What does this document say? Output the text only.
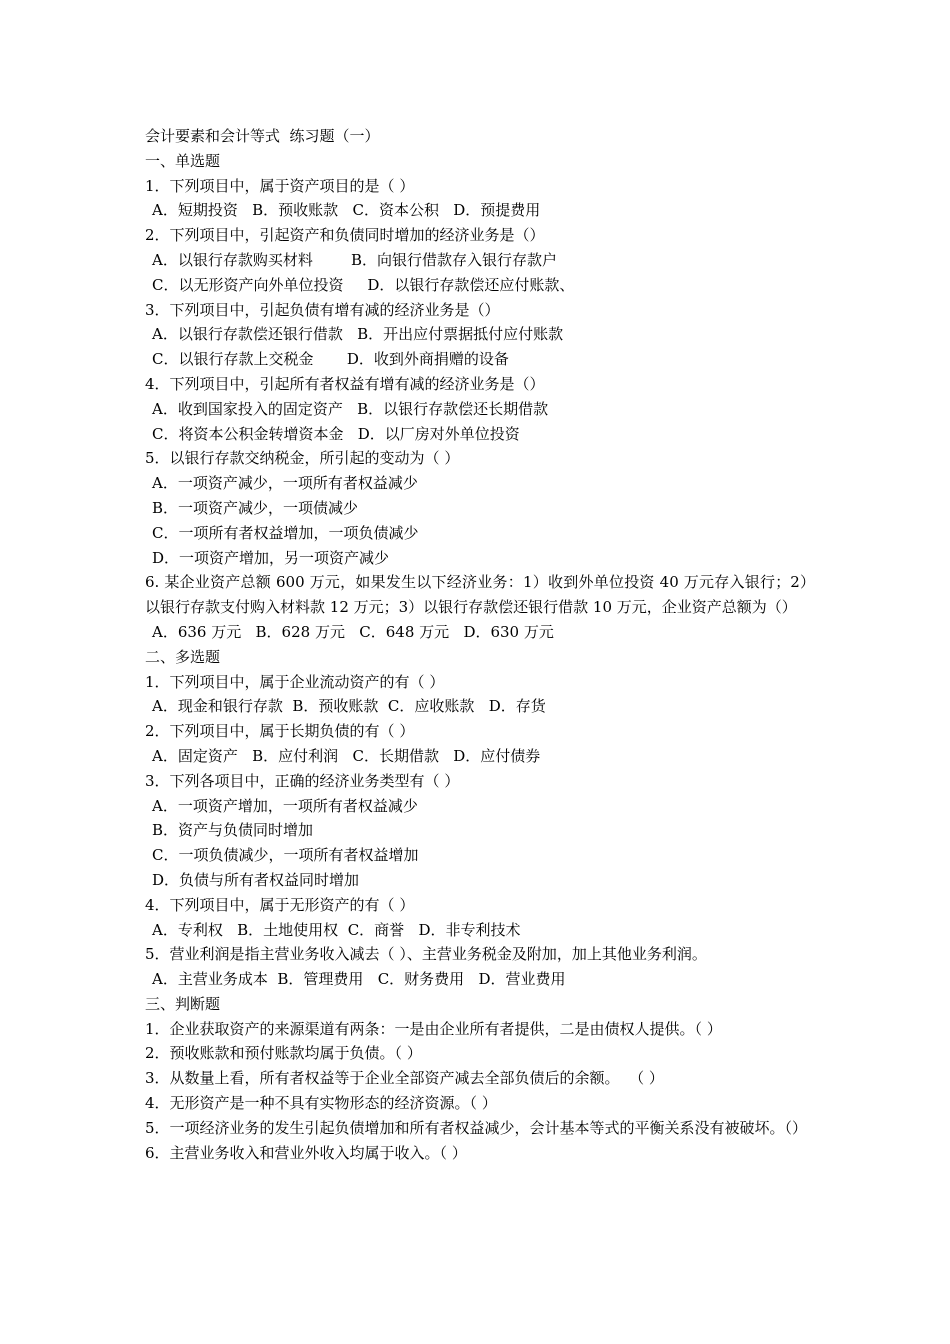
会计要素和会计等式  练习题（一）

一、单选题

1．下列项目中，属于资产项目的是（ ）

A．短期投资   B．预收账款   C．资本公积   D．预提费用

2．下列项目中，引起资产和负债同时增加的经济业务是（）

A．以银行存款购买材料        B．向银行借款存入银行存款户

C．以无形资产向外单位投资     D．以银行存款偿还应付账款、

3．下列项目中，引起负债有增有减的经济业务是（）

A．以银行存款偿还银行借款   B．开出应付票据抵付应付账款

C．以银行存款上交税金       D．收到外商捐赠的设备

4．下列项目中，引起所有者权益有增有减的经济业务是（）

A．收到国家投入的固定资产   B．以银行存款偿还长期借款

C．将资本公积金转增资本金   D．以厂房对外单位投资

5．以银行存款交纳税金，所引起的变动为（ ）

A．一项资产减少，一项所有者权益减少

B．一项资产减少，一项债减少

C．一项所有者权益增加，一项负债减少

D．一项资产增加，另一项资产减少

6. 某企业资产总额 600 万元，如果发生以下经济业务：1）收到外单位投资 40 万元存入银行；2）以银行存款支付购入材料款 12 万元；3）以银行存款偿还银行借款 10 万元，企业资产总额为（）

A．636 万元   B．628 万元   C．648 万元   D．630 万元

二、多选题

1．下列项目中，属于企业流动资产的有（ ）

A．现金和银行存款  B．预收账款  C．应收账款   D．存货

2．下列项目中，属于长期负债的有（ ）

A．固定资产   B．应付利润   C．长期借款   D．应付债券

3．下列各项目中，正确的经济业务类型有（ ）

A．一项资产增加，一项所有者权益减少

B．资产与负债同时增加

C．一项负债减少，一项所有者权益增加

D．负债与所有者权益同时增加

4．下列项目中，属于无形资产的有（ ）

A．专利权   B．土地使用权  C．商誉   D．非专利技术

5．营业利润是指主营业务收入减去（ ）、主营业务税金及附加，加上其他业务利润。

A．主营业务成本  B．管理费用   C．财务费用   D．营业费用

三、判断题

1．企业获取资产的来源渠道有两条：一是由企业所有者提供，二是由债权人提供。（ ）

2．预收账款和预付账款均属于负债。（ ）

3．从数量上看，所有者权益等于企业全部资产减去全部负债后的余额。  （ ）

4．无形资产是一种不具有实物形态的经济资源。（ ）

5．一项经济业务的发生引起负债增加和所有者权益减少，会计基本等式的平衡关系没有被破坏。（）

6．主营业务收入和营业外收入均属于收入。（ ）
